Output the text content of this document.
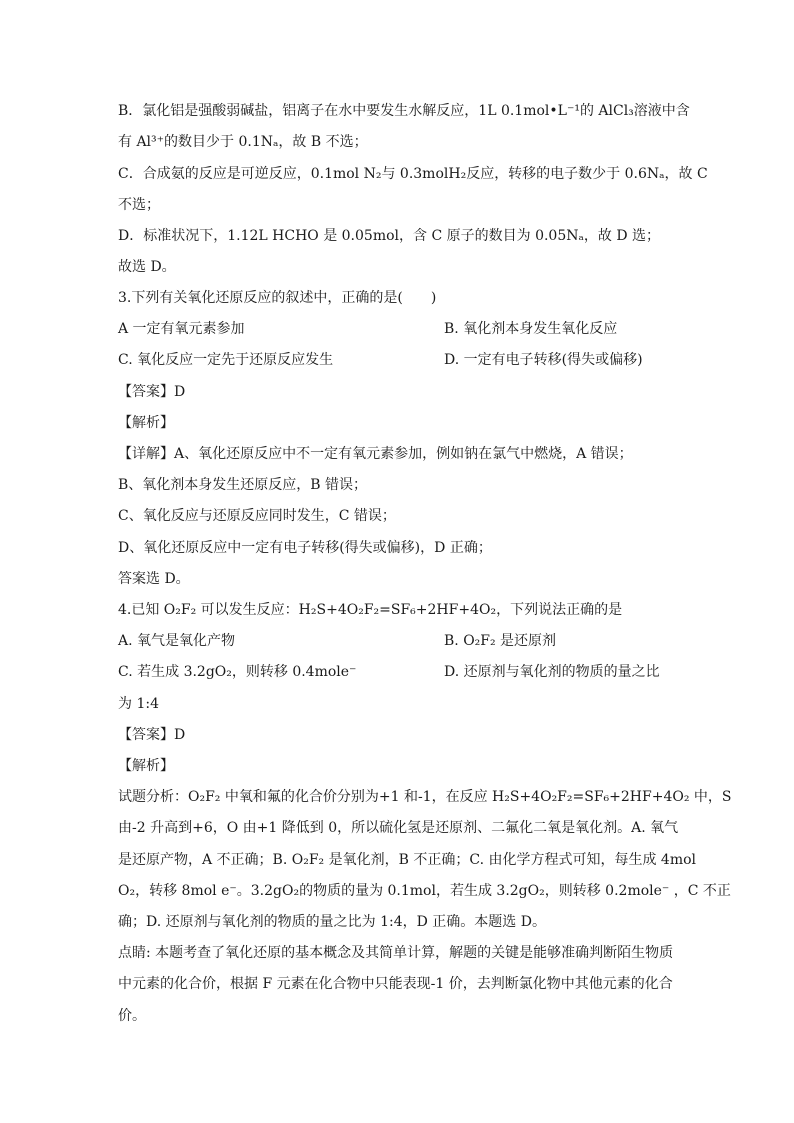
B．氯化铝是强酸弱碱盐，铝离子在水中要发生水解反应，1L 0.1mol•L⁻¹的 AlCl₃溶液中含
有 Al³⁺的数目少于 0.1Nₐ，故 B 不选；
C．合成氨的反应是可逆反应，0.1mol N₂与 0.3molH₂反应，转移的电子数少于 0.6Nₐ，故 C
不选；
D．标准状况下，1.12L HCHO 是 0.05mol，含 C 原子的数目为 0.05Nₐ，故 D 选；
故选 D。
3.下列有关氧化还原反应的叙述中，正确的是(　　)
A 一定有氧元素参加	B. 氧化剂本身发生氧化反应
C. 氧化反应一定先于还原反应发生	D. 一定有电子转移(得失或偏移)
【答案】D
【解析】
【详解】A、氧化还原反应中不一定有氧元素参加，例如钠在氯气中燃烧，A 错误；
B、氧化剂本身发生还原反应，B 错误；
C、氧化反应与还原反应同时发生，C 错误；
D、氧化还原反应中一定有电子转移(得失或偏移)，D 正确；
答案选 D。
4.已知 O₂F₂ 可以发生反应：H₂S+4O₂F₂=SF₆+2HF+4O₂，下列说法正确的是
A. 氧气是氧化产物	B. O₂F₂ 是还原剂
C. 若生成 3.2gO₂，则转移 0.4mole⁻	D. 还原剂与氧化剂的物质的量之比
为 1:4
【答案】D
【解析】
试题分析：O₂F₂ 中氧和氟的化合价分别为+1 和-1，在反应 H₂S+4O₂F₂=SF₆+2HF+4O₂ 中，S
由-2 升高到+6，O 由+1 降低到 0，所以硫化氢是还原剂、二氟化二氧是氧化剂。A. 氧气
是还原产物，A 不正确；B. O₂F₂ 是氧化剂，B 不正确；C. 由化学方程式可知，每生成 4mol
O₂，转移 8mol e⁻。3.2gO₂的物质的量为 0.1mol，若生成 3.2gO₂，则转移 0.2mole⁻ ，C 不正
确；D. 还原剂与氧化剂的物质的量之比为 1:4，D 正确。本题选 D。
点睛: 本题考查了氧化还原的基本概念及其简单计算，解题的关键是能够准确判断陌生物质
中元素的化合价，根据 F 元素在化合物中只能表现-1 价，去判断氯化物中其他元素的化合
价。
